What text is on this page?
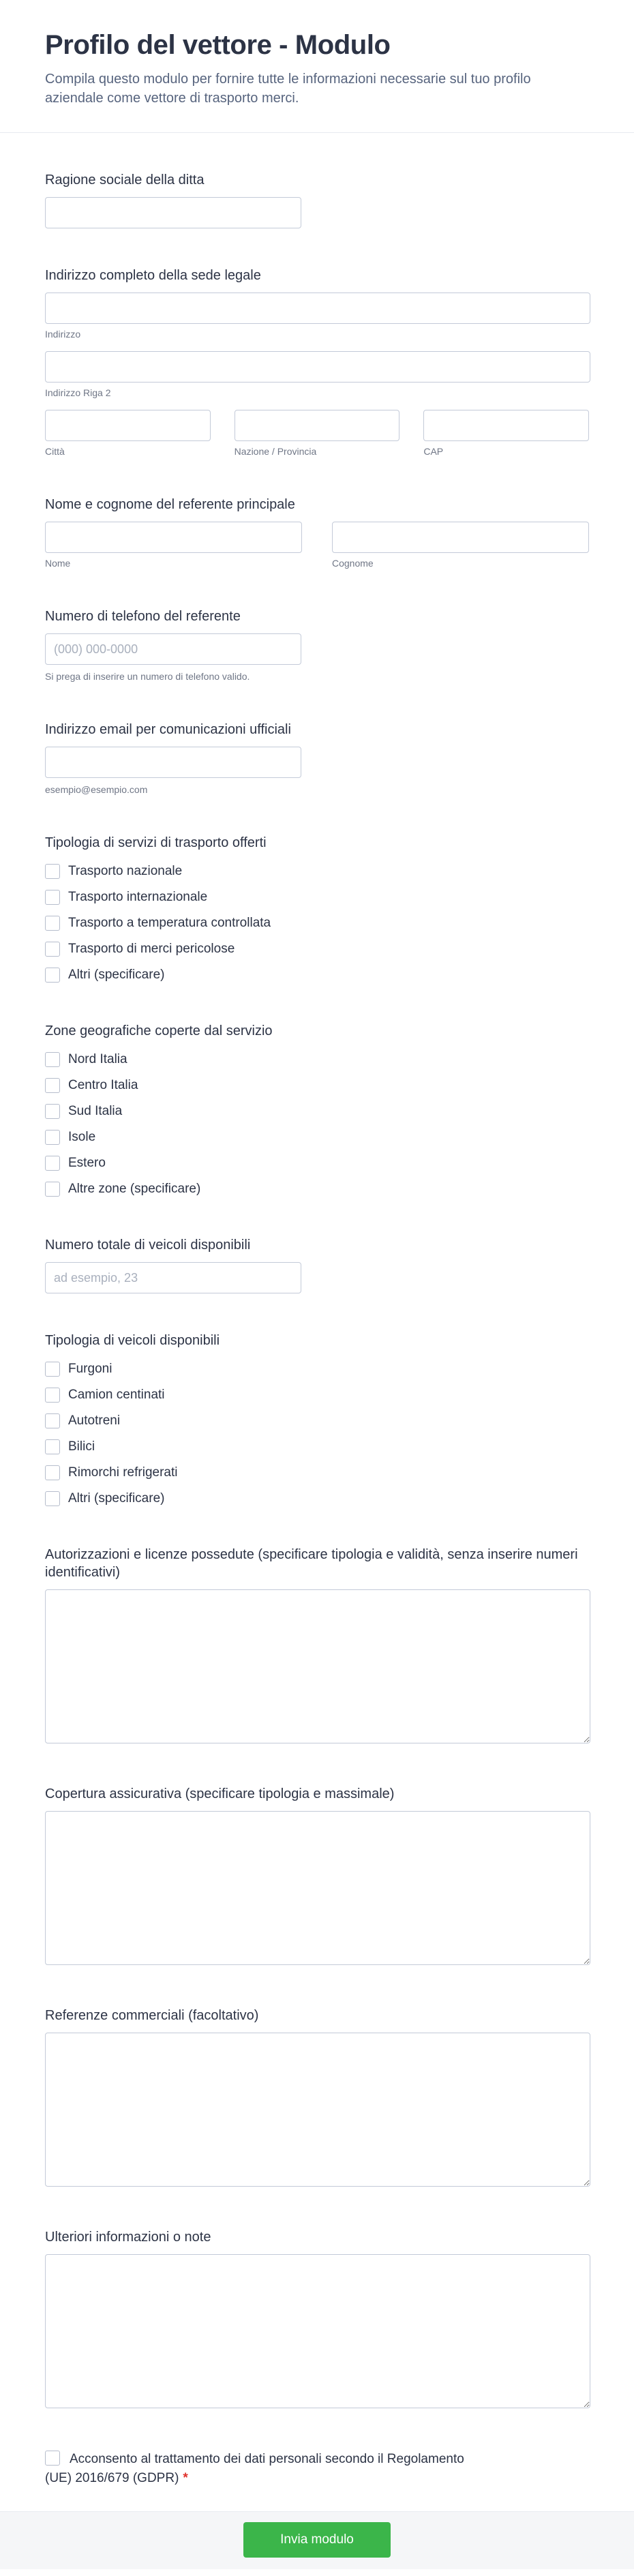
Profilo del vettore - Modulo

Compila questo modulo per fornire tutte le informazioni necessarie sul tuo profilo aziendale come vettore di trasporto merci.

Ragione sociale della ditta
Indirizzo completo della sede legale
Indirizzo
Indirizzo Riga 2
Città	Nazione / Provincia	CAP
Nome e cognome del referente principale
Nome	Cognome
Numero di telefono del referente
(000) 000-0000
Si prega di inserire un numero di telefono valido.
Indirizzo email per comunicazioni ufficiali
esempio@esempio.com
Tipologia di servizi di trasporto offerti
Trasporto nazionale
Trasporto internazionale
Trasporto a temperatura controllata
Trasporto di merci pericolose
Altri (specificare)
Zone geografiche coperte dal servizio
Nord Italia
Centro Italia
Sud Italia
Isole
Estero
Altre zone (specificare)
Numero totale di veicoli disponibili
ad esempio, 23
Tipologia di veicoli disponibili
Furgoni
Camion centinati
Autotreni
Bilici
Rimorchi refrigerati
Altri (specificare)
Autorizzazioni e licenze possedute (specificare tipologia e validità, senza inserire numeri identificativi)
Copertura assicurativa (specificare tipologia e massimale)
Referenze commerciali (facoltativo)
Ulteriori informazioni o note
Acconsento al trattamento dei dati personali secondo il Regolamento
(UE) 2016/679 (GDPR) *
Invia modulo
